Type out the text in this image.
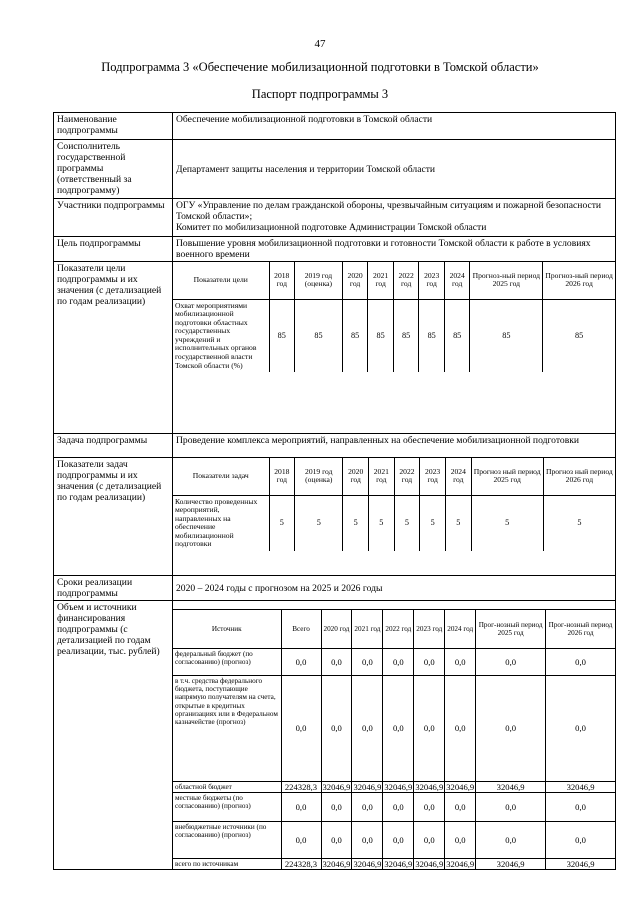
47
Подпрограмма 3 «Обеспечение мобилизационной подготовки в Томской области»
Паспорт подпрограммы 3
Наименование подпрограммы	Обеспечение мобилизационной подготовки в Томской области
Соисполнитель государственной программы (ответственный за подпрограмму)	Департамент защиты населения и территории Томской области
Участники подпрограммы	ОГУ «Управление по делам гражданской обороны, чрезвычайным ситуациям и пожарной безопасности Томской области»;
Комитет по мобилизационной подготовке Администрации Томской области

Цель подпрограммы	Повышение уровня мобилизационной подготовки и готовности Томской области к работе в условиях военного времени
Показатели цели подпрограммы и их значения (с детализацией по годам реализации)	
Показатели цели	2018 год	2019 год (оценка)	2020 год	2021 год	2022 год	2023 год	2024 год	Прогноз-ный период 2025 год	Прогноз-ный период 2026 год
Охват мероприятиями мобилизационной подготовки областных государственных учреждений и исполнительных органов государственной власти Томской области (%)	85	85	85	85	85	85	85	85	85

Задача подпрограммы	Проведение комплекса мероприятий, направленных на обеспечение мобилизационной подготовки
Показатели задач подпрограммы и их значения (с детализацией по годам реализации)	
Показатели задач	2018 год	2019 год (оценка)	2020 год	2021 год	2022 год	2023 год	2024 год	Прогноз ный период 2025 год	Прогноз ный период 2026 год
Количество проведенных мероприятий, направленных на обеспечение мобилизационной подготовки	5	5	5	5	5	5	5	5	5

Сроки реализации подпрограммы	2020 – 2024 годы с прогнозом на 2025 и 2026 годы
Объем и источники финансирования подпрограммы (с детализацией по годам реализации, тыс. рублей)	

Источник	Всего	2020 год	2021 год	2022 год	2023 год	2024 год	Прог-нозный период 2025 год	Прог-нозный период 2026 год
федеральный бюджет (по согласованию) (прогноз)	0,0	0,0	0,0	0,0	0,0	0,0	0,0	0,0
в т.ч. средства федерального бюджета, поступающие напрямую получателям на счета, открытые в кредитных организациях или в Федеральном казначействе (прогноз)	0,0	0,0	0,0	0,0	0,0	0,0	0,0	0,0
областной бюджет	224328,3	32046,9	32046,9	32046,9	32046,9	32046,9	32046,9	32046,9
местные бюджеты (по согласованию) (прогноз)	0,0	0,0	0,0	0,0	0,0	0,0	0,0	0,0
внебюджетные источники (по согласованию) (прогноз)	0,0	0,0	0,0	0,0	0,0	0,0	0,0	0,0
всего по источникам	224328,3	32046,9	32046,9	32046,9	32046,9	32046,9	32046,9	32046,9
